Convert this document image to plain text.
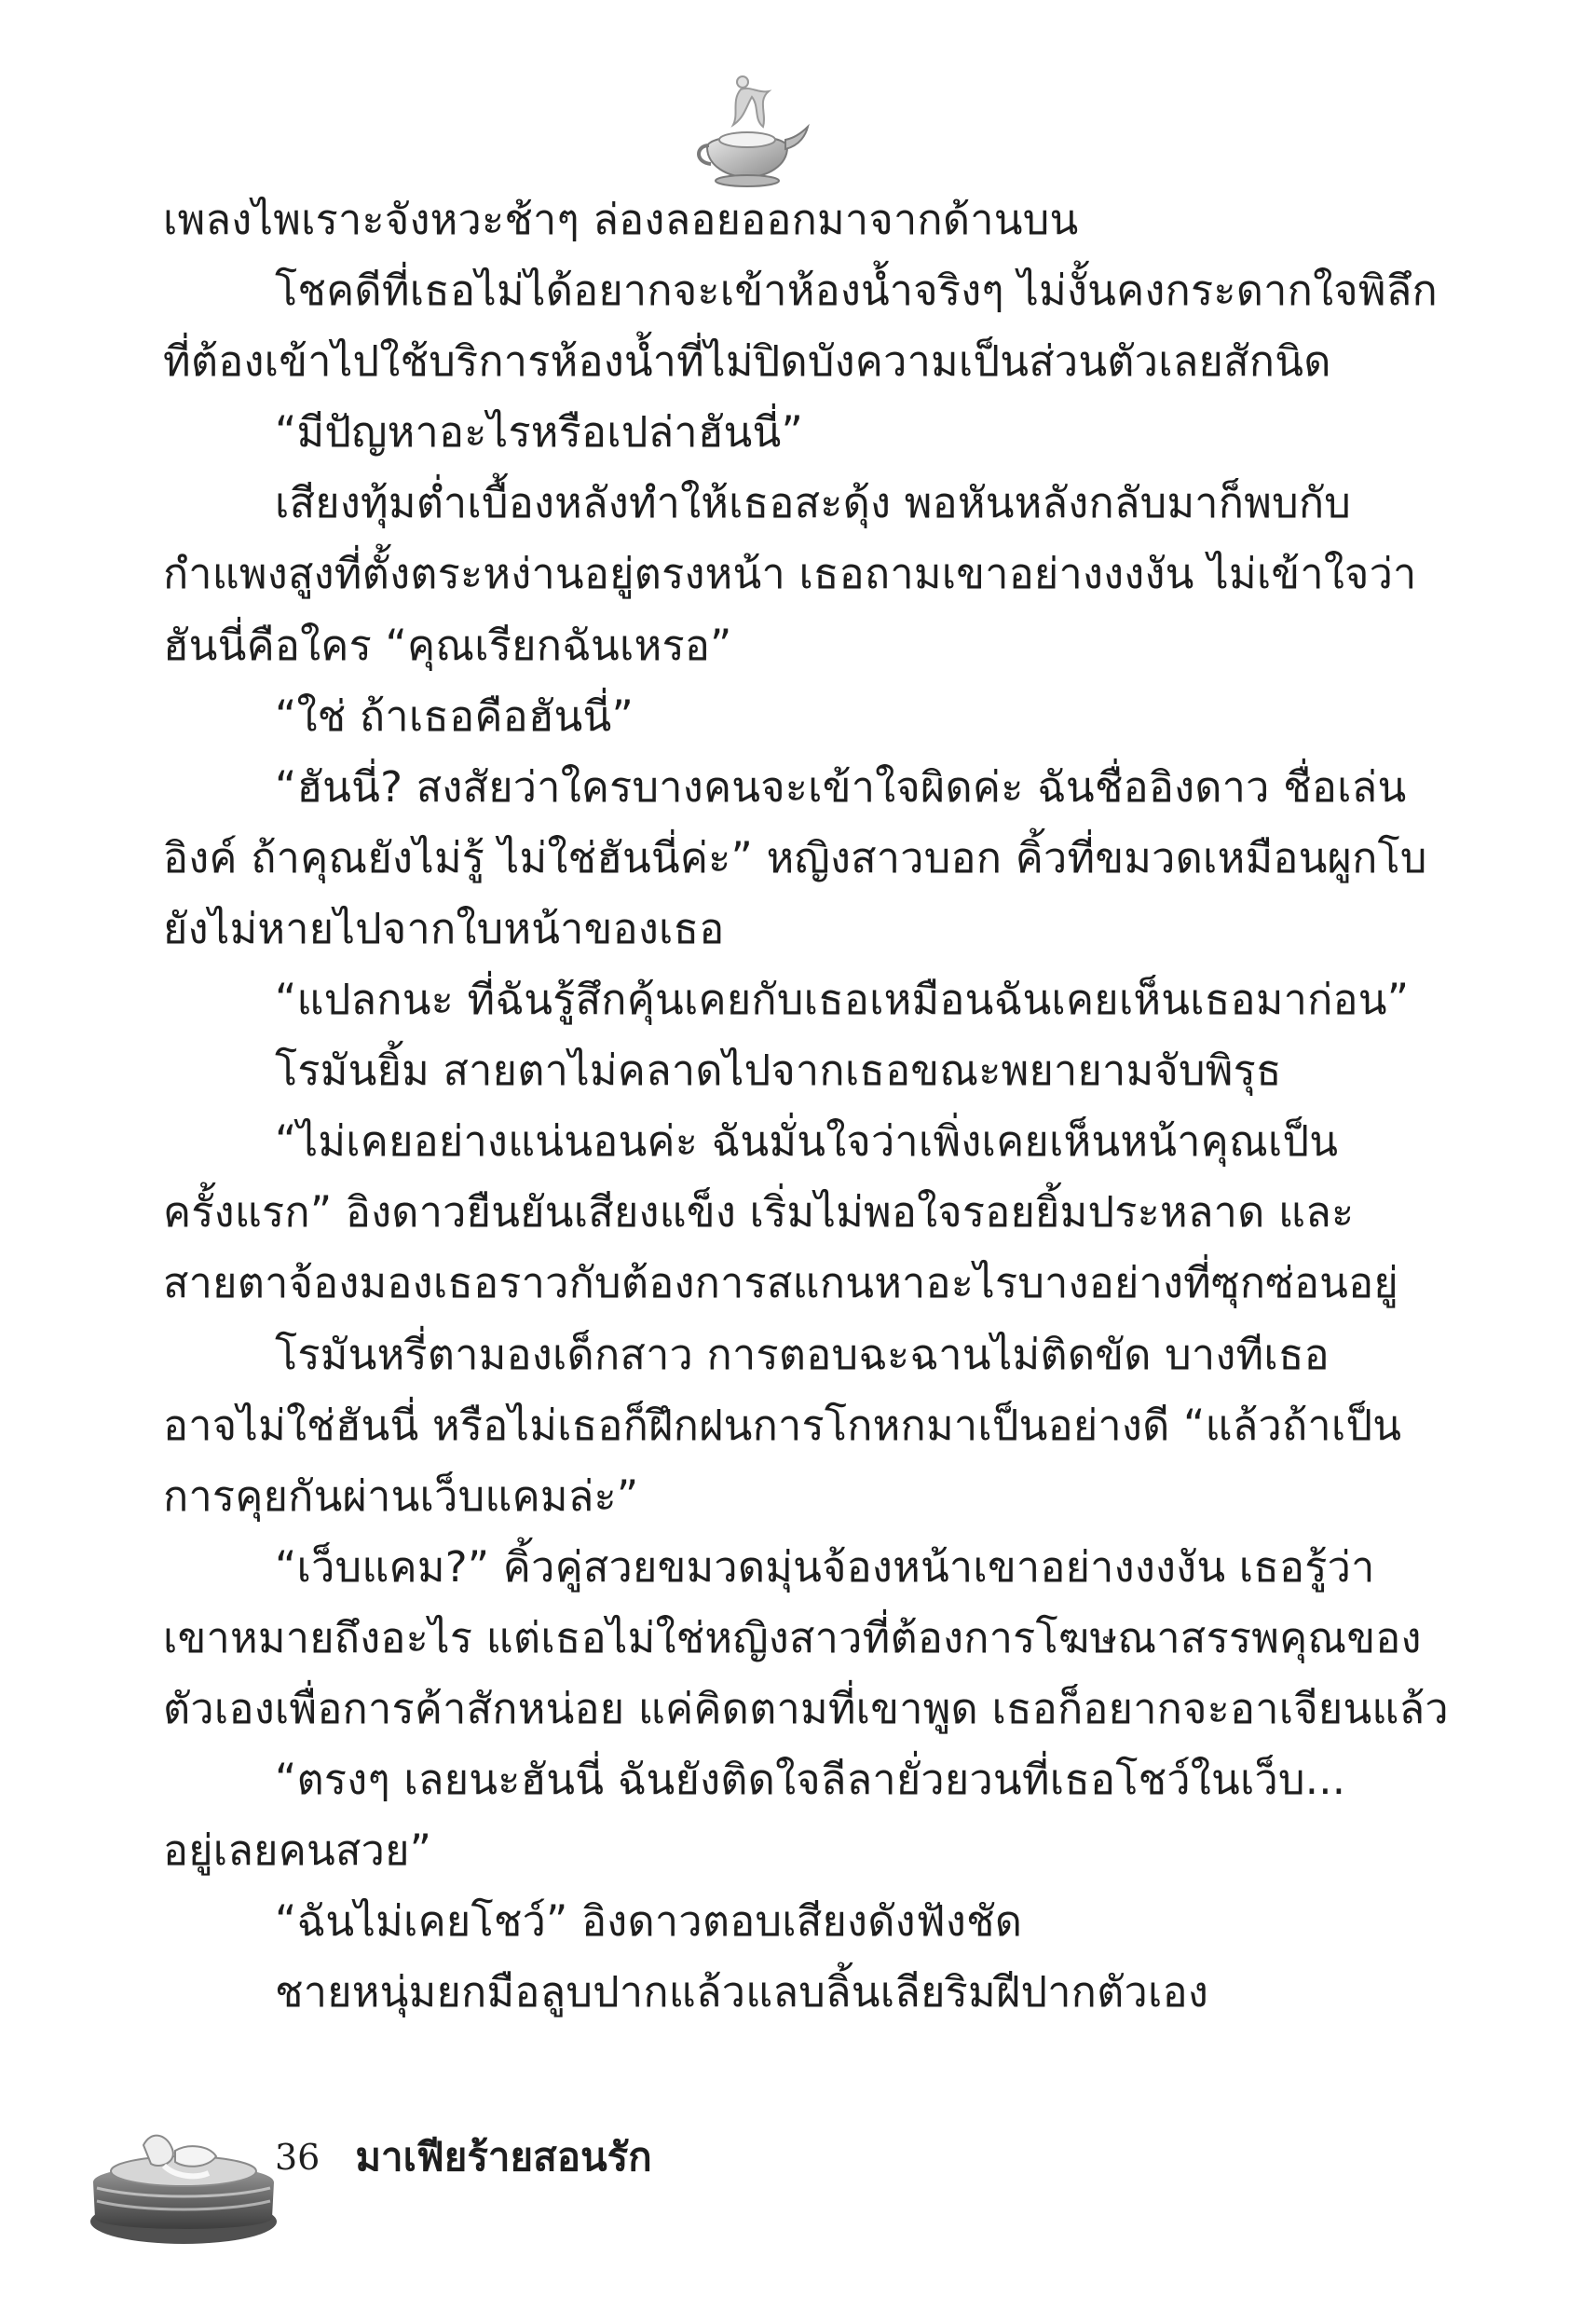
เพลงไพเราะจังหวะช้าๆ ล่องลอยออกมาจากด้านบน
โชคดีที่เธอไม่ได้อยากจะเข้าห้องน้ำจริงๆ ไม่งั้นคงกระดากใจพิลึก
ที่ต้องเข้าไปใช้บริการห้องน้ำที่ไม่ปิดบังความเป็นส่วนตัวเลยสักนิด
“มีปัญหาอะไรหรือเปล่าฮันนี่”
เสียงทุ้มต่ำเบื้องหลังทำให้เธอสะดุ้ง พอหันหลังกลับมาก็พบกับ
กำแพงสูงที่ตั้งตระหง่านอยู่ตรงหน้า เธอถามเขาอย่างงงงัน ไม่เข้าใจว่า
ฮันนี่คือใคร “คุณเรียกฉันเหรอ”
“ใช่ ถ้าเธอคือฮันนี่”
“ฮันนี่? สงสัยว่าใครบางคนจะเข้าใจผิดค่ะ ฉันชื่ออิงดาว ชื่อเล่น
อิงค์ ถ้าคุณยังไม่รู้ ไม่ใช่ฮันนี่ค่ะ” หญิงสาวบอก คิ้วที่ขมวดเหมือนผูกโบ
ยังไม่หายไปจากใบหน้าของเธอ
“แปลกนะ ที่ฉันรู้สึกคุ้นเคยกับเธอเหมือนฉันเคยเห็นเธอมาก่อน”
โรมันยิ้ม สายตาไม่คลาดไปจากเธอขณะพยายามจับพิรุธ
“ไม่เคยอย่างแน่นอนค่ะ ฉันมั่นใจว่าเพิ่งเคยเห็นหน้าคุณเป็น
ครั้งแรก” อิงดาวยืนยันเสียงแข็ง เริ่มไม่พอใจรอยยิ้มประหลาด และ
สายตาจ้องมองเธอราวกับต้องการสแกนหาอะไรบางอย่างที่ซุกซ่อนอยู่
โรมันหรี่ตามองเด็กสาว การตอบฉะฉานไม่ติดขัด บางทีเธอ
อาจไม่ใช่ฮันนี่ หรือไม่เธอก็ฝึกฝนการโกหกมาเป็นอย่างดี “แล้วถ้าเป็น
การคุยกันผ่านเว็บแคมล่ะ”
“เว็บแคม?” คิ้วคู่สวยขมวดมุ่นจ้องหน้าเขาอย่างงงงัน เธอรู้ว่า
เขาหมายถึงอะไร แต่เธอไม่ใช่หญิงสาวที่ต้องการโฆษณาสรรพคุณของ
ตัวเองเพื่อการค้าสักหน่อย แค่คิดตามที่เขาพูด เธอก็อยากจะอาเจียนแล้ว
“ตรงๆ เลยนะฮันนี่ ฉันยังติดใจลีลายั่วยวนที่เธอโชว์ในเว็บ...
อยู่เลยคนสวย”
“ฉันไม่เคยโชว์” อิงดาวตอบเสียงดังฟังชัด
ชายหนุ่มยกมือลูบปากแล้วแลบลิ้นเลียริมฝีปากตัวเอง
36 มาเฟียร้ายสอนรัก
